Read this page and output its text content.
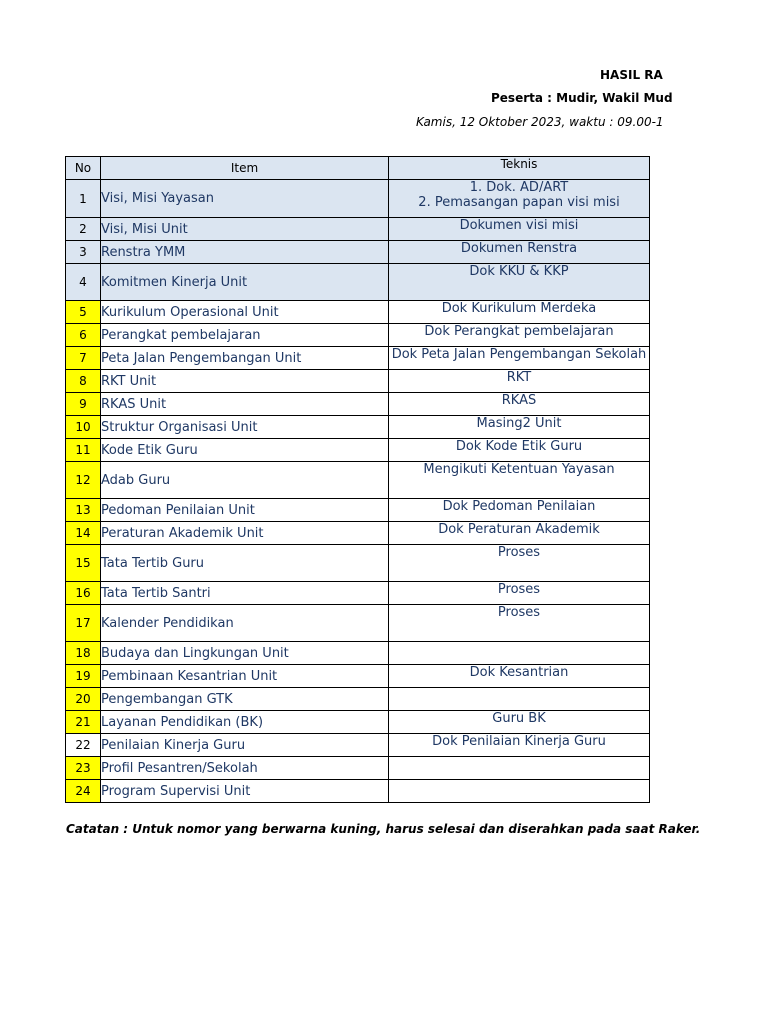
HASIL RA
Peserta : Mudir, Wakil Mud
Kamis, 12 Oktober 2023, waktu : 09.00-1
No	Item	Teknis
1	Visi, Misi Yayasan	1. Dok. AD/ART
2. Pemasangan papan visi misi

2	Visi, Misi Unit	Dokumen visi misi

3	Renstra YMM	Dokumen Renstra

4	Komitmen Kinerja Unit	Dok KKU & KKP

5	Kurikulum Operasional Unit	Dok Kurikulum Merdeka

6	Perangkat pembelajaran	Dok Perangkat pembelajaran

7	Peta Jalan Pengembangan Unit	Dok Peta Jalan Pengembangan Sekolah

8	RKT Unit	RKT

9	RKAS Unit	RKAS

10	Struktur Organisasi Unit	Masing2 Unit

11	Kode Etik Guru	Dok Kode Etik Guru

12	Adab Guru	Mengikuti Ketentuan Yayasan

13	Pedoman Penilaian Unit	Dok Pedoman Penilaian

14	Peraturan Akademik Unit	Dok Peraturan Akademik

15	Tata Tertib Guru	Proses

16	Tata Tertib Santri	Proses

17	Kalender Pendidikan	Proses

18	Budaya dan Lingkungan Unit	
19	Pembinaan Kesantrian Unit	Dok Kesantrian

20	Pengembangan GTK	
21	Layanan Pendidikan (BK)	Guru BK

22	Penilaian Kinerja Guru	Dok Penilaian Kinerja Guru

23	Profil Pesantren/Sekolah	
24	Program Supervisi Unit	
Catatan : Untuk nomor yang berwarna kuning, harus selesai dan diserahkan pada saat Raker.
